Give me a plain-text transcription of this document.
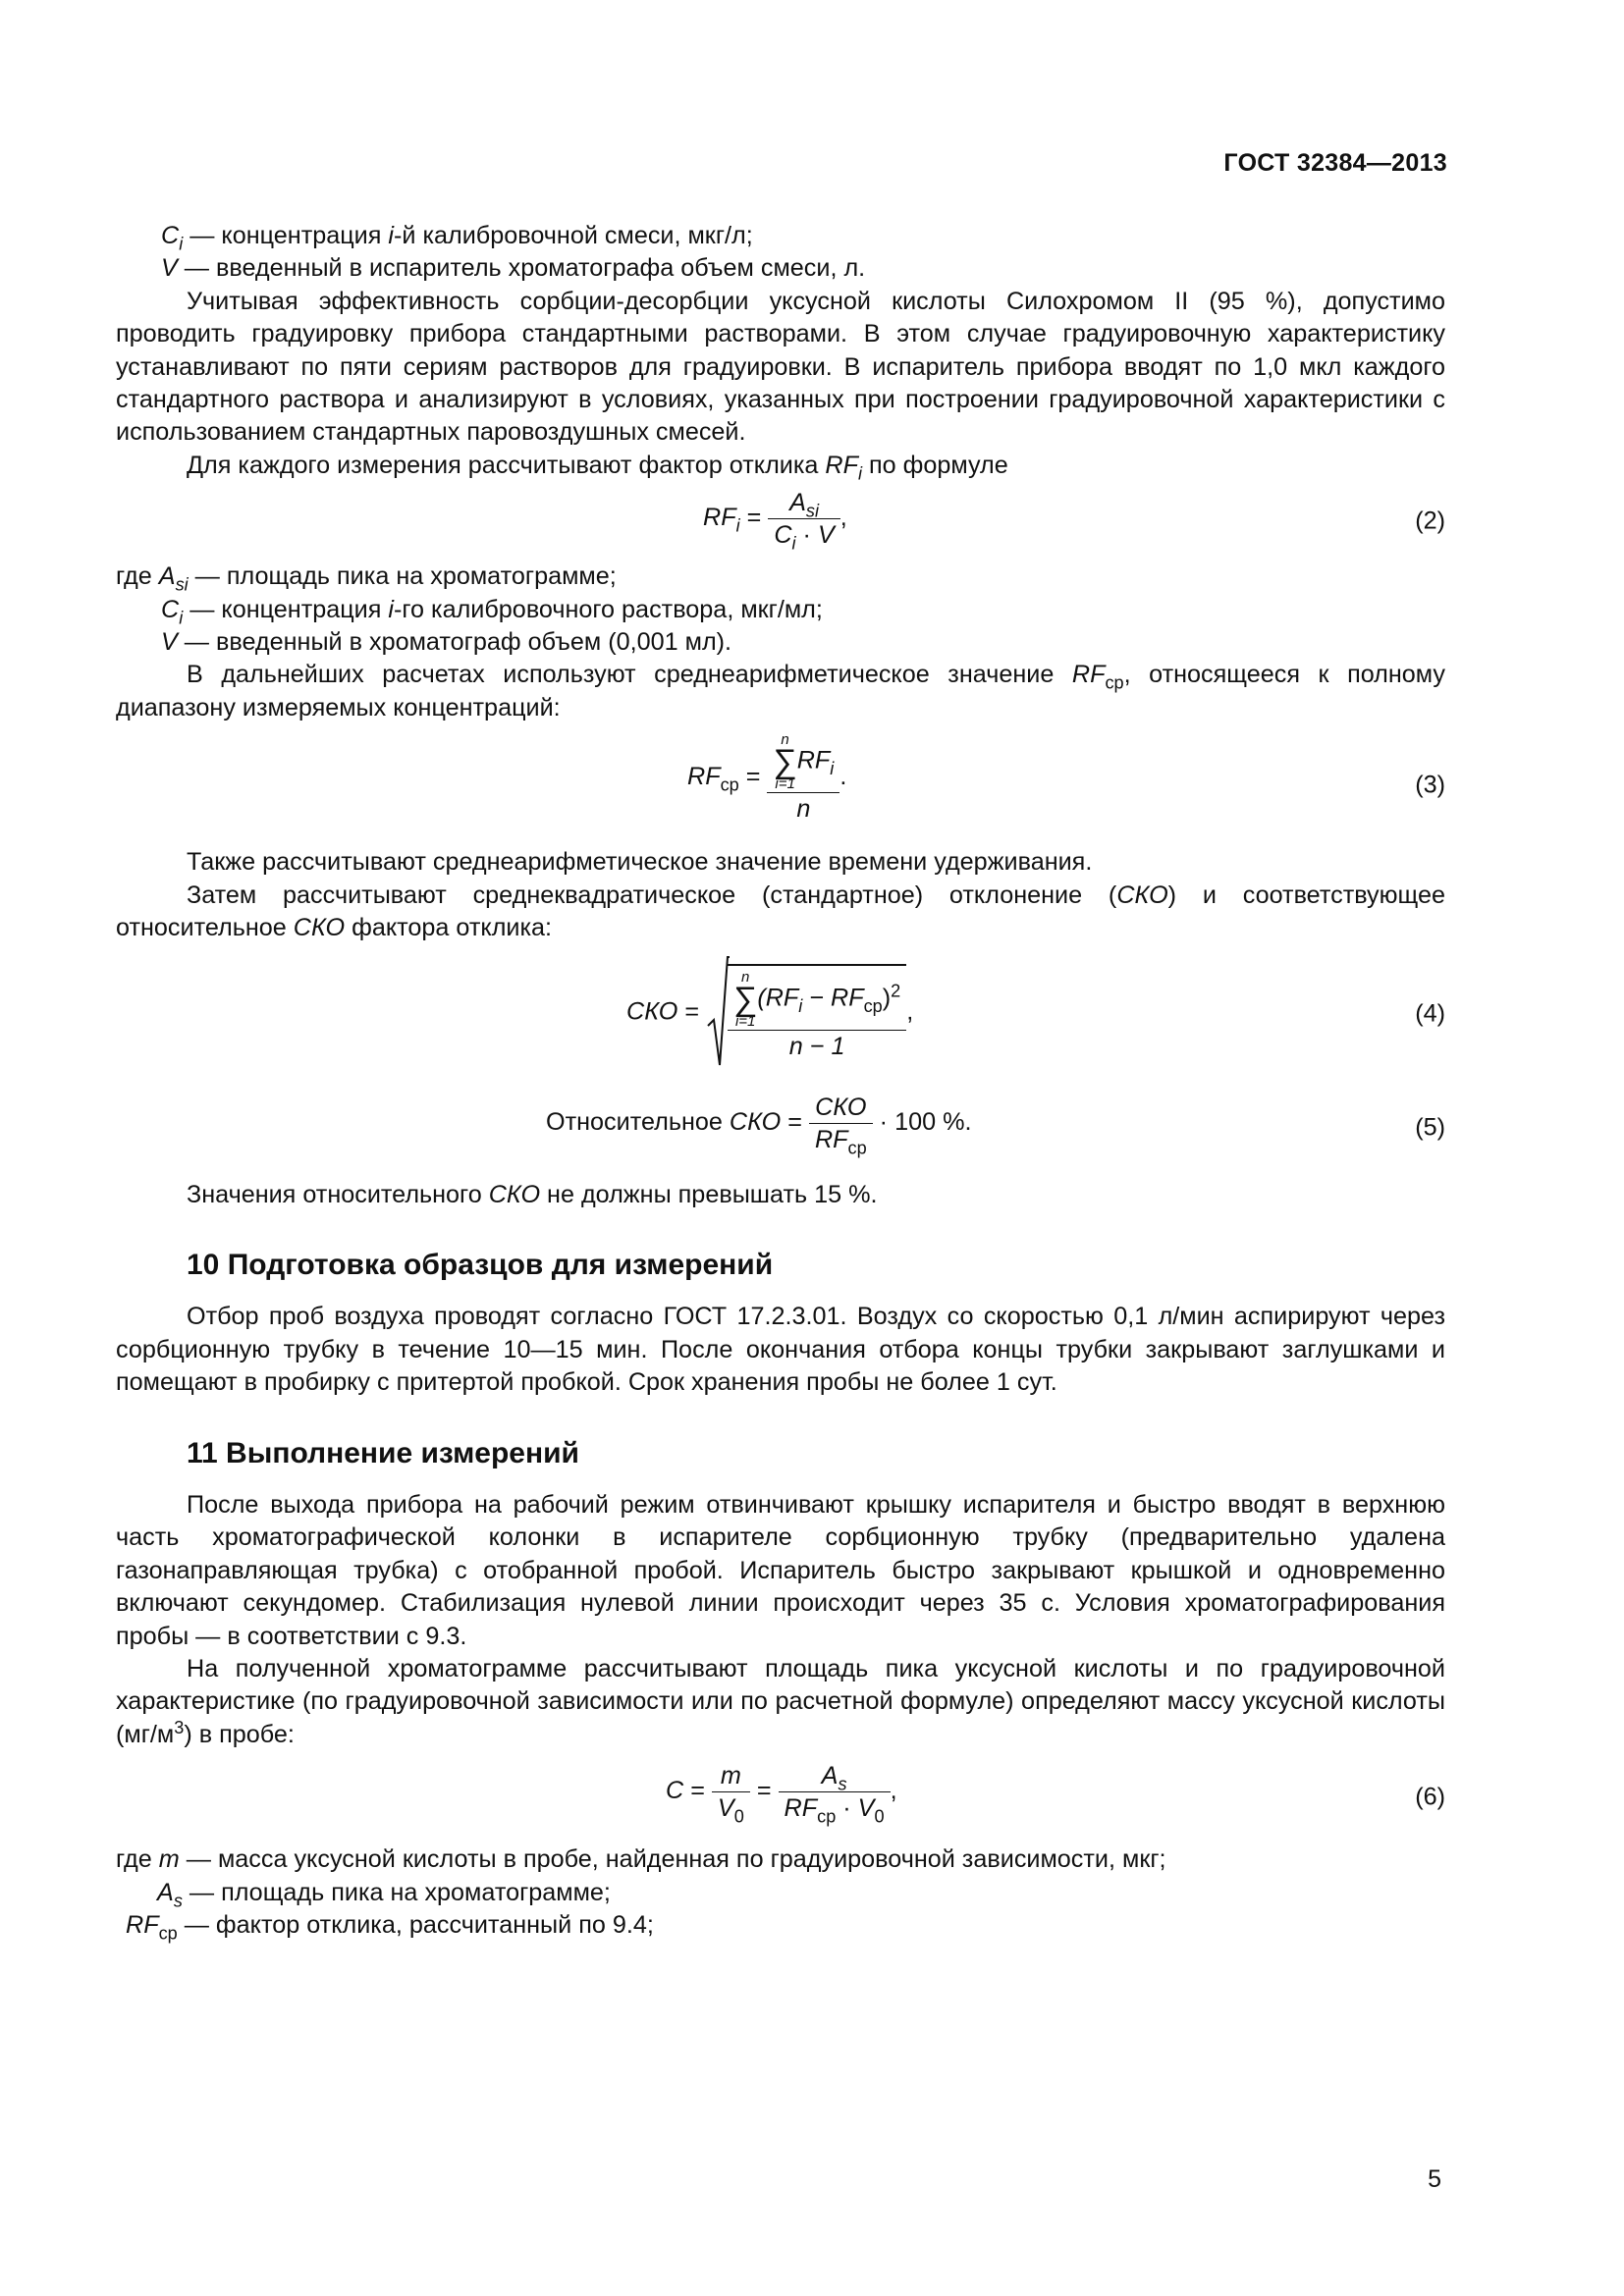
ГОСТ 32384—2013
$C_i$ — концентрация i-й калибровочной смеси, мкг/л;
V — введенный в испаритель хроматографа объем смеси, л.

Учитывая эффективность сорбции-десорбции уксусной кислоты Силохромом II (95 %), допустимо проводить градуировку прибора стандартными растворами. В этом случае градуировочную характеристику устанавливают по пяти сериям растворов для градуировки. В испаритель прибора вводят по 1,0 мкл каждого стандартного раствора и анализируют в условиях, указанных при построении градуировочной характеристики с использованием стандартных паровоздушных смесей.

Для каждого измерения рассчитывают фактор отклика $RF_i$ по формуле

$RF_i = \frac{A_{si}}{C_i \cdot V}$ ,	(2)
где $A_{si}$ — площадь пика на хроматограмме;
$C_i$ — концентрация i-го калибровочного раствора, мкг/мл;
V — введенный в хроматограф объем (0,001 мл).

В дальнейших расчетах используют среднеарифметическое значение $RF_{ср}$, относящееся к полному диапазону измеряемых концентраций:

$RF_{ср} = n$
∑
i=1
$RF_i$
n .	(3)

Также рассчитывают среднеарифметическое значение времени удерживания.

Затем рассчитывают среднеквадратическое (стандартное) отклонение (СКО) и соответствующее относительное СКО фактора отклика:

СКО =
n
∑
i=1
$(RF_i - RF_{ср})^2$
n − 1
,	(4)
Относительное СКО = $\frac{\text{СКО}}{RF_{ср}} \cdot 100$ %.	(5)

Значения относительного СКО не должны превышать 15 %.

10 Подготовка образцов для измерений

Отбор проб воздуха проводят согласно ГОСТ 17.2.3.01. Воздух со скоростью 0,1 л/мин аспирируют через сорбционную трубку в течение 10—15 мин. После окончания отбора концы трубки закрывают заглушками и помещают в пробирку с притертой пробкой. Срок хранения пробы не более 1 сут.

11 Выполнение измерений

После выхода прибора на рабочий режим отвинчивают крышку испарителя и быстро вводят в верхнюю часть хроматографической колонки в испарителе сорбционную трубку (предварительно удалена газонаправляющая трубка) с отобранной пробой. Испаритель быстро закрывают крышкой и одновременно включают секундомер. Стабилизация нулевой линии происходит через 35 с. Условия хроматографирования пробы — в соответствии с 9.3.

На полученной хроматограмме рассчитывают площадь пика уксусной кислоты и по градуировочной характеристике (по градуировочной зависимости или по расчетной формуле) определяют массу уксусной кислоты $(мг/м^3)$ в пробе:

$C = \frac{m}{V_0} = \frac{A_s}{RF_{ср} \cdot V_0}$ ,	(6)
где m — масса уксусной кислоты в пробе, найденная по градуировочной зависимости, мкг;
$A_s$ — площадь пика на хроматограмме;
$RF_{ср}$ — фактор отклика, рассчитанный по 9.4;
5
